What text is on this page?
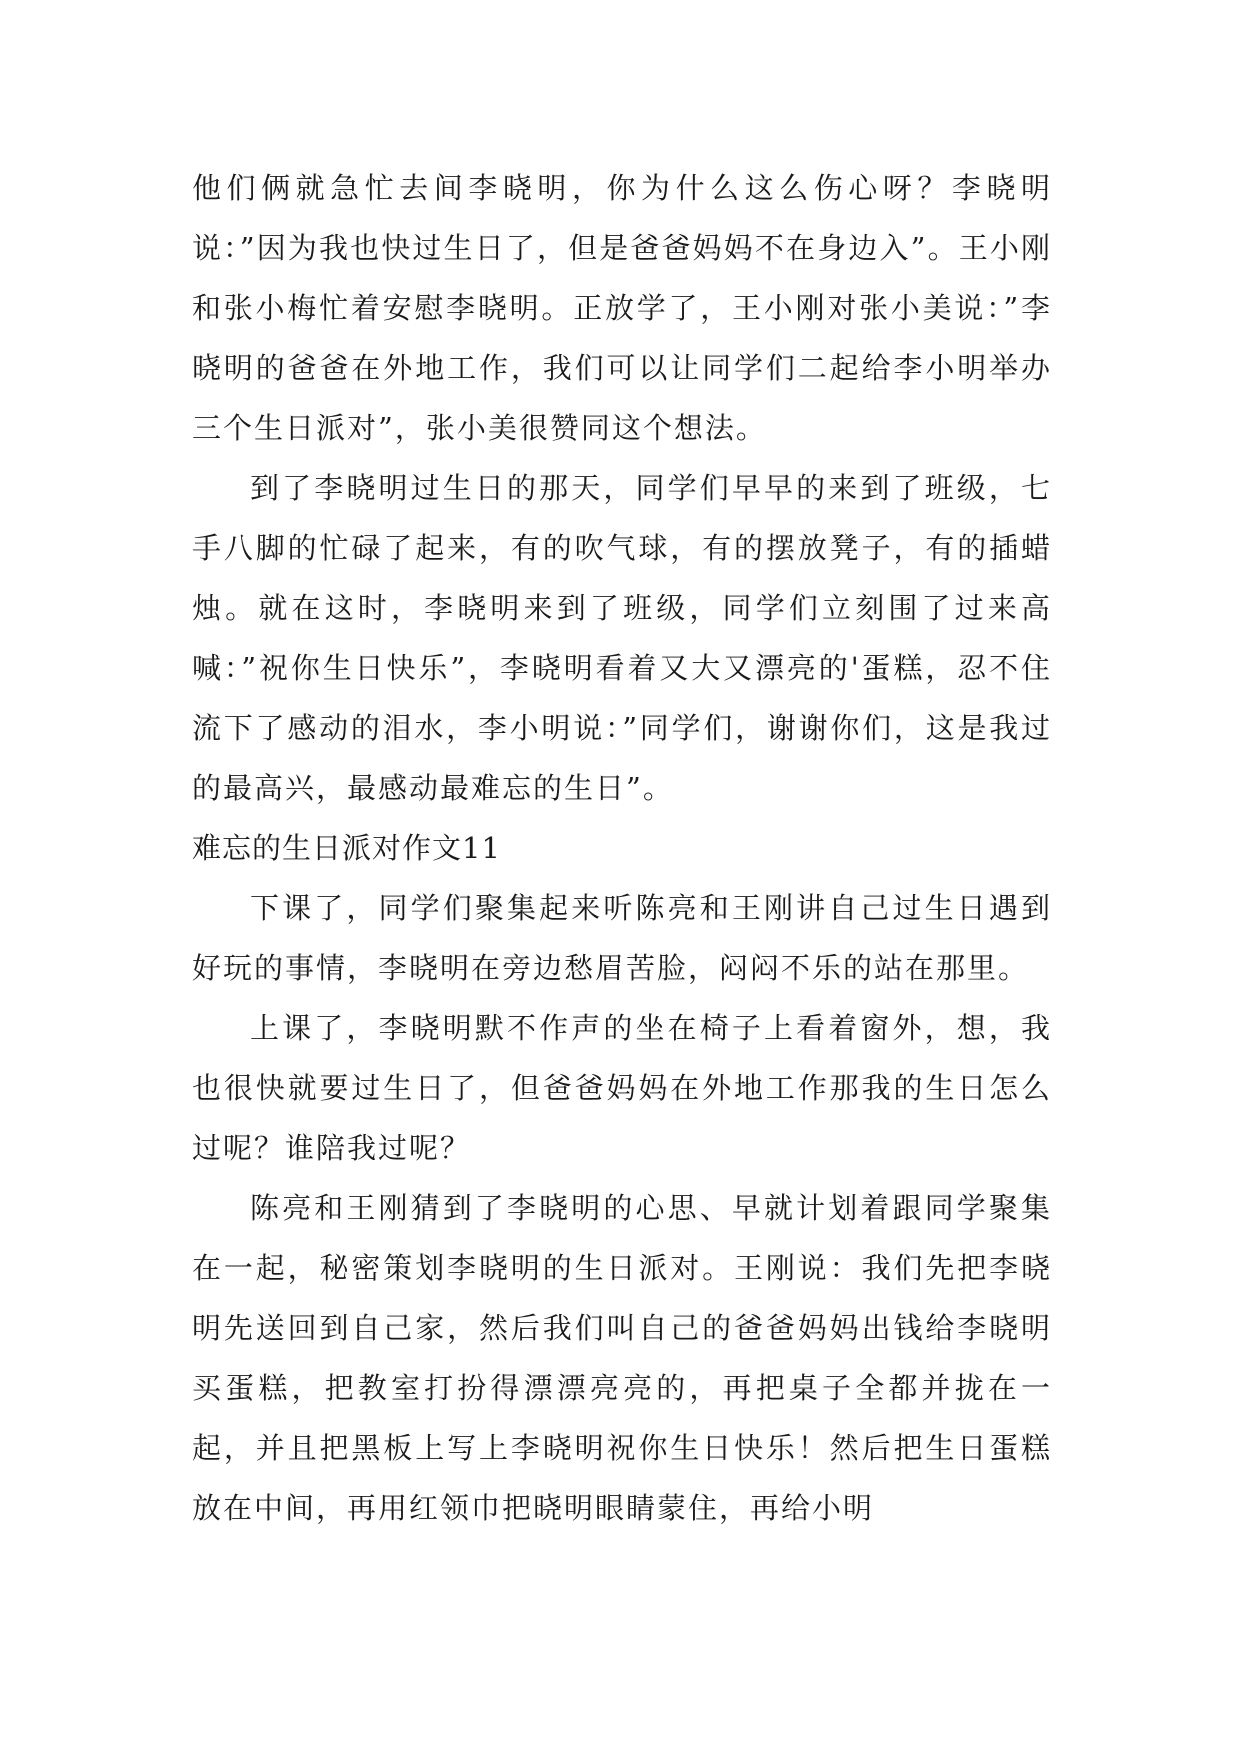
他们俩就急忙去间李晓明，你为什么这么伤心呀？李晓明说：”因为我也快过生日了，但是爸爸妈妈不在身边入”。王小刚和张小梅忙着安慰李晓明。正放学了，王小刚对张小美说：”李晓明的爸爸在外地工作，我们可以让同学们二起给李小明举办三个生日派对”，张小美很赞同这个想法。

到了李晓明过生日的那天，同学们早早的来到了班级，七手八脚的忙碌了起来，有的吹气球，有的摆放凳子，有的插蜡烛。就在这时，李晓明来到了班级，同学们立刻围了过来高喊：”祝你生日快乐”，李晓明看着又大又漂亮的'蛋糕，忍不住流下了感动的泪水，李小明说：”同学们，谢谢你们，这是我过的最高兴，最感动最难忘的生日”。

难忘的生日派对作文11

下课了，同学们聚集起来听陈亮和王刚讲自己过生日遇到好玩的事情，李晓明在旁边愁眉苦脸，闷闷不乐的站在那里。

上课了，李晓明默不作声的坐在椅子上看着窗外，想，我也很快就要过生日了，但爸爸妈妈在外地工作那我的生日怎么过呢？谁陪我过呢？

陈亮和王刚猜到了李晓明的心思、早就计划着跟同学聚集在一起，秘密策划李晓明的生日派对。王刚说：我们先把李晓明先送回到自己家，然后我们叫自己的爸爸妈妈出钱给李晓明买蛋糕，把教室打扮得漂漂亮亮的，再把桌子全都并拢在一起，并且把黑板上写上李晓明祝你生日快乐！然后把生日蛋糕放在中间，再用红领巾把晓明眼睛蒙住，再给小明
